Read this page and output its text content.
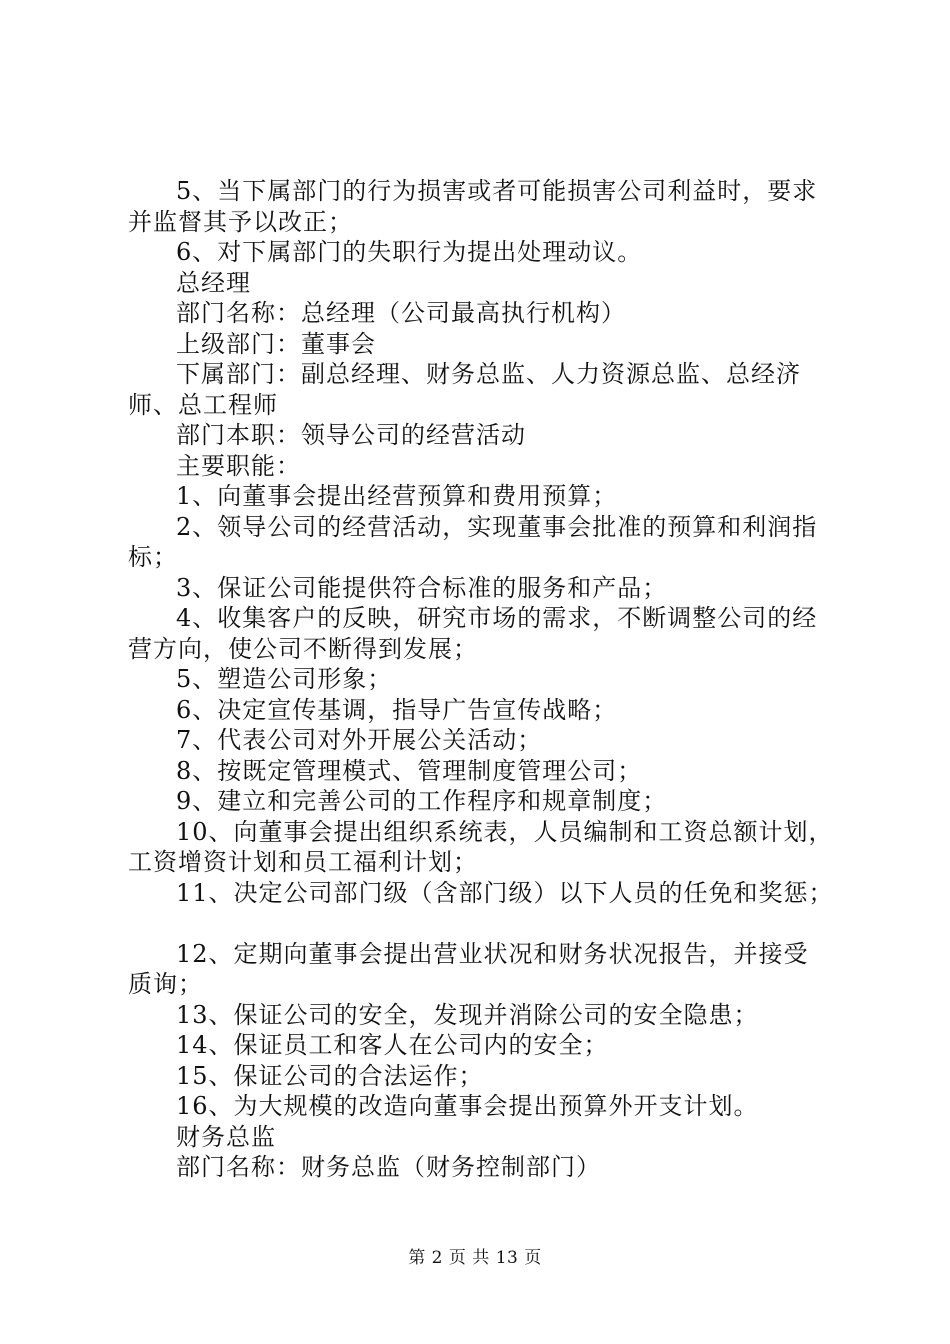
5、当下属部门的行为损害或者可能损害公司利益时，要求
并监督其予以改正；
6、对下属部门的失职行为提出处理动议。
总经理
部门名称：总经理（公司最高执行机构）
上级部门：董事会
下属部门：副总经理、财务总监、人力资源总监、总经济
师、总工程师
部门本职：领导公司的经营活动
主要职能：
1、向董事会提出经营预算和费用预算；
2、领导公司的经营活动，实现董事会批准的预算和利润指
标；
3、保证公司能提供符合标准的服务和产品；
4、收集客户的反映，研究市场的需求，不断调整公司的经
营方向，使公司不断得到发展；
5、塑造公司形象；
6、决定宣传基调，指导广告宣传战略；
7、代表公司对外开展公关活动；
8、按既定管理模式、管理制度管理公司；
9、建立和完善公司的工作程序和规章制度；
10、向董事会提出组织系统表，人员编制和工资总额计划，
工资增资计划和员工福利计划；
11、决定公司部门级（含部门级）以下人员的任免和奖惩；
12、定期向董事会提出营业状况和财务状况报告，并接受
质询；
13、保证公司的安全，发现并消除公司的安全隐患；
14、保证员工和客人在公司内的安全；
15、保证公司的合法运作；
16、为大规模的改造向董事会提出预算外开支计划。
财务总监
部门名称：财务总监（财务控制部门）
第 2 页 共 13 页
